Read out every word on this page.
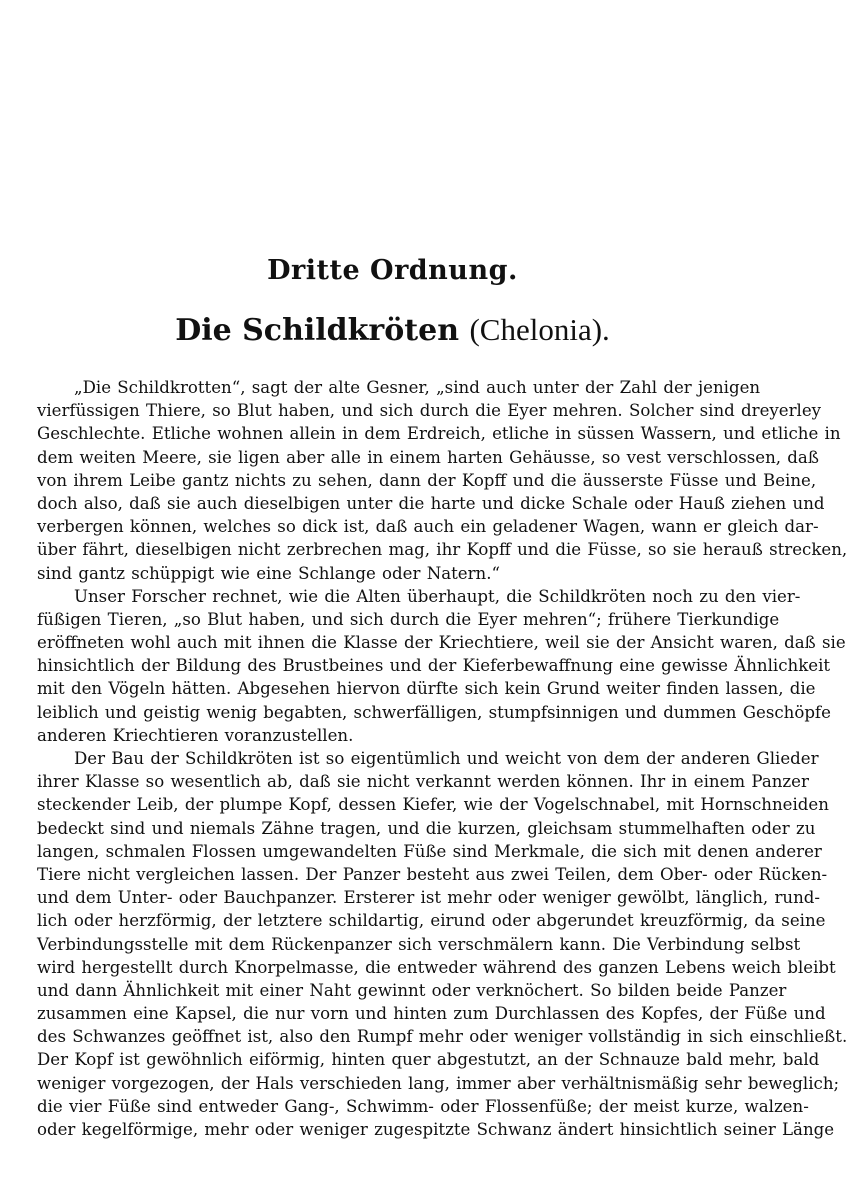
Dritte Ordnung.
Die Schildkröten (Chelonia).
„Die Schildkrotten“, sagt der alte Gesner, „sind auch unter der Zahl der jenigen
vierfüssigen Thiere, so Blut haben, und sich durch die Eyer mehren. Solcher sind dreyerley
Geschlechte. Etliche wohnen allein in dem Erdreich, etliche in süssen Wassern, und etliche in
dem weiten Meere, sie ligen aber alle in einem harten Gehäusse, so vest verschlossen, daß
von ihrem Leibe gantz nichts zu sehen, dann der Kopff und die äusserste Füsse und Beine,
doch also, daß sie auch dieselbigen unter die harte und dicke Schale oder Hauß ziehen und
verbergen können, welches so dick ist, daß auch ein geladener Wagen, wann er gleich dar-
über fährt, dieselbigen nicht zerbrechen mag, ihr Kopff und die Füsse, so sie herauß strecken,
sind gantz schüppigt wie eine Schlange oder Natern.“
Unser Forscher rechnet, wie die Alten überhaupt, die Schildkröten noch zu den vier-
füßigen Tieren, „so Blut haben, und sich durch die Eyer mehren“; frühere Tierkundige
eröffneten wohl auch mit ihnen die Klasse der Kriechtiere, weil sie der Ansicht waren, daß sie
hinsichtlich der Bildung des Brustbeines und der Kieferbewaffnung eine gewisse Ähnlichkeit
mit den Vögeln hätten. Abgesehen hiervon dürfte sich kein Grund weiter finden lassen, die
leiblich und geistig wenig begabten, schwerfälligen, stumpfsinnigen und dummen Geschöpfe
anderen Kriechtieren voranzustellen.
Der Bau der Schildkröten ist so eigentümlich und weicht von dem der anderen Glieder
ihrer Klasse so wesentlich ab, daß sie nicht verkannt werden können. Ihr in einem Panzer
steckender Leib, der plumpe Kopf, dessen Kiefer, wie der Vogelschnabel, mit Hornschneiden
bedeckt sind und niemals Zähne tragen, und die kurzen, gleichsam stummelhaften oder zu
langen, schmalen Flossen umgewandelten Füße sind Merkmale, die sich mit denen anderer
Tiere nicht vergleichen lassen. Der Panzer besteht aus zwei Teilen, dem Ober- oder Rücken-
und dem Unter- oder Bauchpanzer. Ersterer ist mehr oder weniger gewölbt, länglich, rund-
lich oder herzförmig, der letztere schildartig, eirund oder abgerundet kreuzförmig, da seine
Verbindungsstelle mit dem Rückenpanzer sich verschmälern kann. Die Verbindung selbst
wird hergestellt durch Knorpelmasse, die entweder während des ganzen Lebens weich bleibt
und dann Ähnlichkeit mit einer Naht gewinnt oder verknöchert. So bilden beide Panzer
zusammen eine Kapsel, die nur vorn und hinten zum Durchlassen des Kopfes, der Füße und
des Schwanzes geöffnet ist, also den Rumpf mehr oder weniger vollständig in sich einschließt.
Der Kopf ist gewöhnlich eiförmig, hinten quer abgestutzt, an der Schnauze bald mehr, bald
weniger vorgezogen, der Hals verschieden lang, immer aber verhältnismäßig sehr beweglich;
die vier Füße sind entweder Gang-, Schwimm- oder Flossenfüße; der meist kurze, walzen-
oder kegelförmige, mehr oder weniger zugespitzte Schwanz ändert hinsichtlich seiner Länge
